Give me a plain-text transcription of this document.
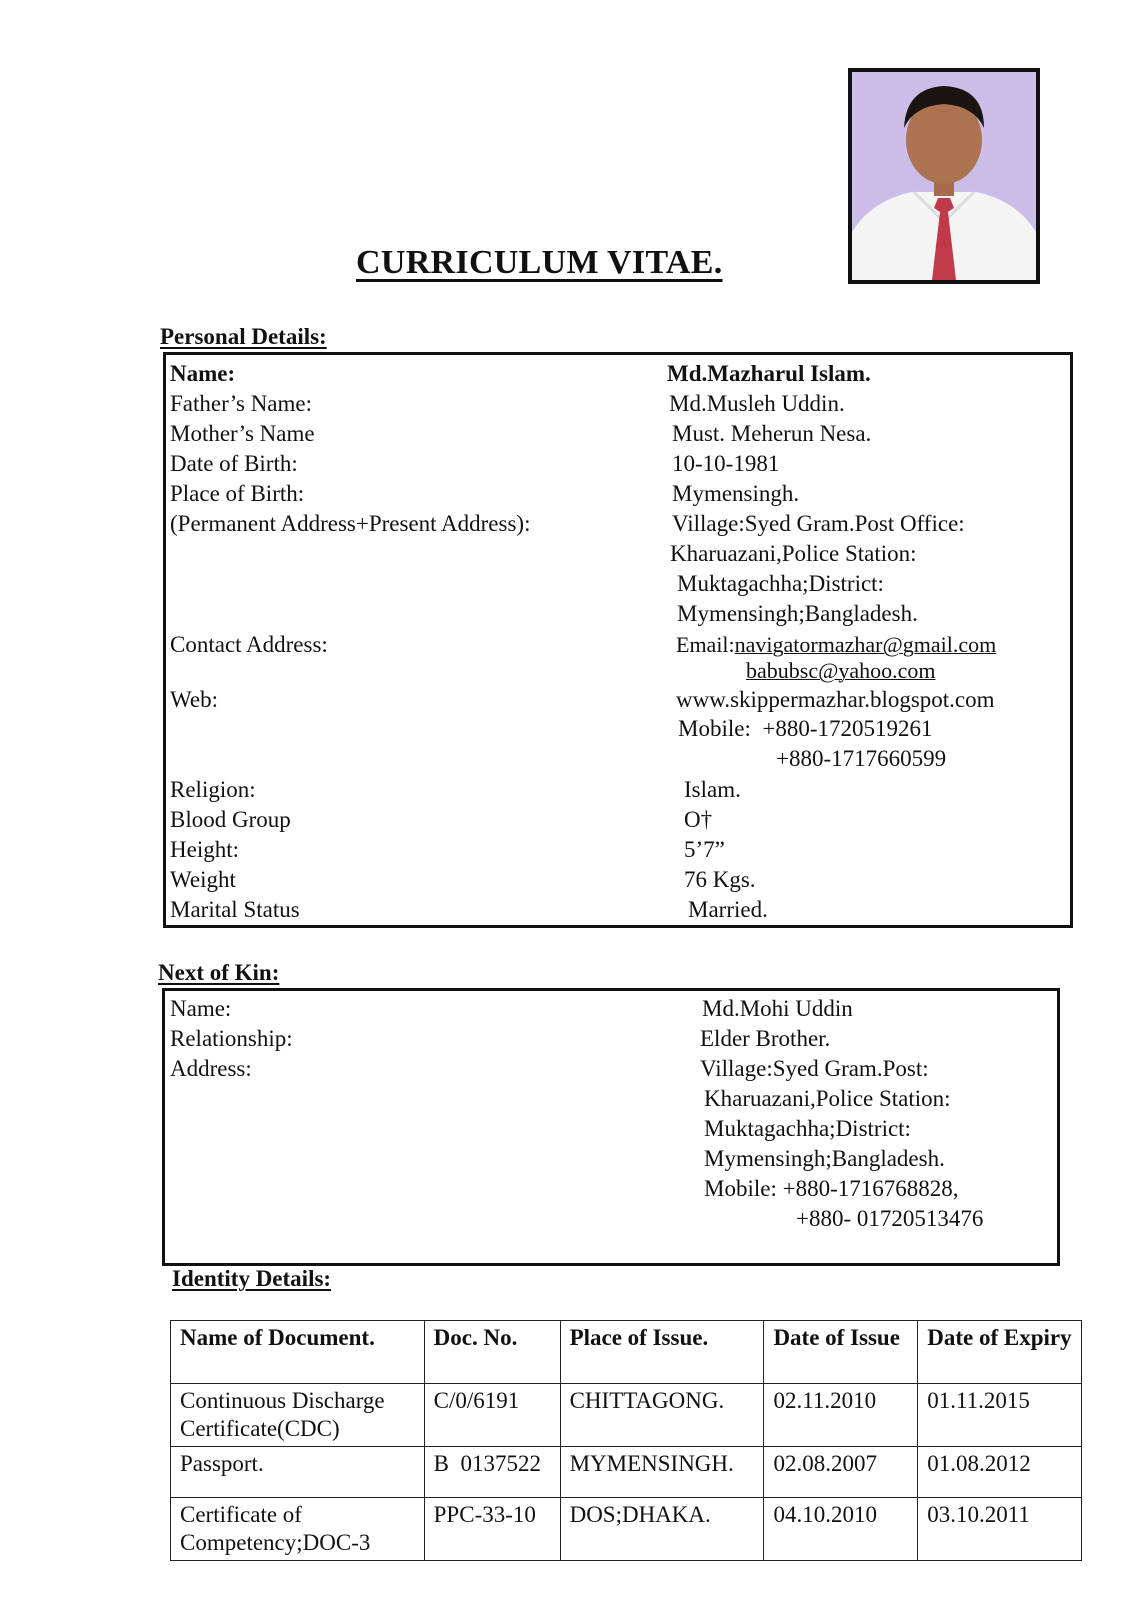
CURRICULUM VITAE.
Personal Details:
Name:	Md.Mazharul Islam.
Father’s Name:	Md.Musleh Uddin.
Mother’s Name	Must. Meherun Nesa.
Date of Birth:	10-10-1981
Place of Birth:	Mymensingh.
(Permanent Address+Present Address):	Village:Syed Gram.Post Office:
Kharuazani,Police Station:
Muktagachha;District:
Mymensingh;Bangladesh.
Contact Address:	Email:navigatormazhar@gmail.com
babubsc@yahoo.com
Web:	www.skippermazhar.blogspot.com
Mobile: +880-1720519261
+880-1717660599
Religion:	Islam.
Blood Group	O†
Height:	5’7”
Weight	76 Kgs.
Marital Status	Married.
Next of Kin:
Name:	Md.Mohi Uddin
Relationship:	Elder Brother.
Address:	Village:Syed Gram.Post:
Kharuazani,Police Station:
Muktagachha;District:
Mymensingh;Bangladesh.
Mobile: +880-1716768828,
+880- 01720513476
Identity Details:
Name of Document.	Doc. No.	Place of Issue.	Date of Issue	Date of Expiry
Continuous Discharge Certificate(CDC)	C/0/6191	CHITTAGONG.	02.11.2010	01.11.2015
Passport.	B  0137522	MYMENSINGH.	02.08.2007	01.08.2012
Certificate of Competency;DOC-3	PPC-33-10	DOS;DHAKA.	04.10.2010	03.10.2011
